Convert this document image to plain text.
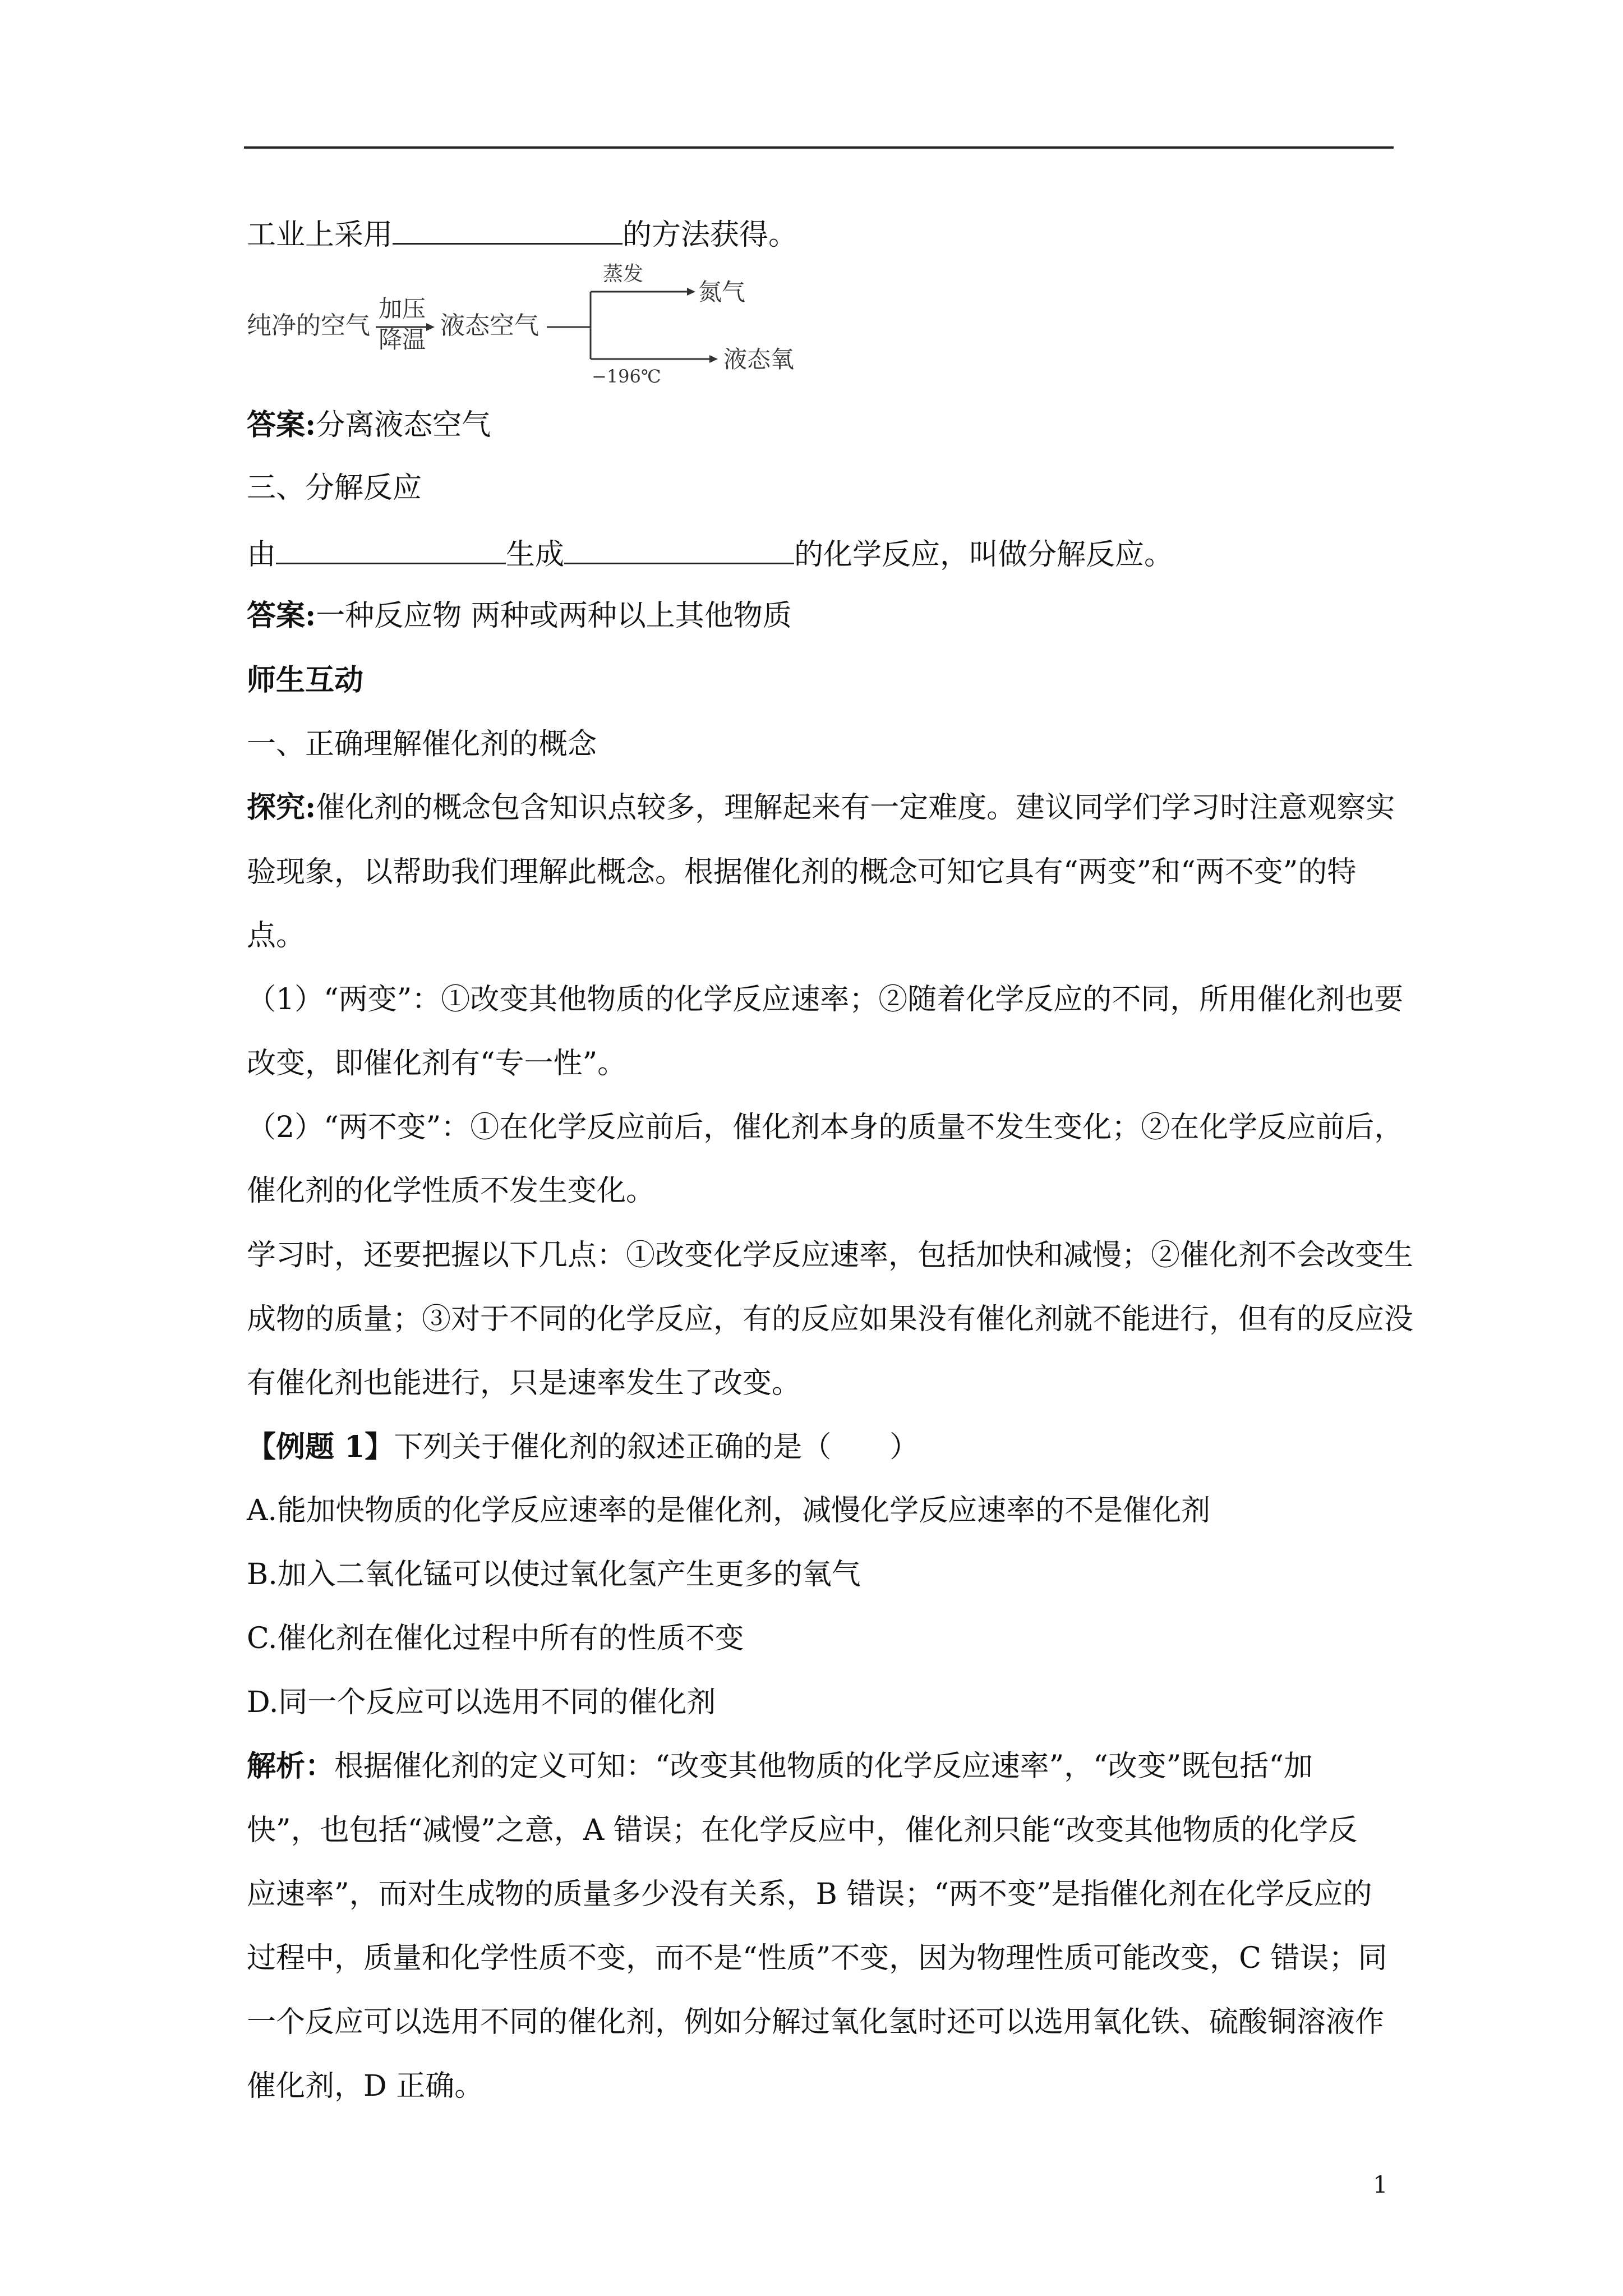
工业上采用	的方法获得。
纯净的空气
加压
降温 液态空气
蒸发
氮气
−196℃
液态氧
答案:分离液态空气
三、分解反应
由	生成	的化学反应，叫做分解反应。
答案:一种反应物 两种或两种以上其他物质
师生互动
一、正确理解催化剂的概念
探究:催化剂的概念包含知识点较多，理解起来有一定难度。建议同学们学习时注意观察实
验现象，以帮助我们理解此概念。根据催化剂的概念可知它具有“两变”和“两不变”的特
点。
（1）“两变”：①改变其他物质的化学反应速率；②随着化学反应的不同，所用催化剂也要
改变，即催化剂有“专一性”。
（2）“两不变”：①在化学反应前后，催化剂本身的质量不发生变化；②在化学反应前后，
催化剂的化学性质不发生变化。
学习时，还要把握以下几点：①改变化学反应速率，包括加快和减慢；②催化剂不会改变生
成物的质量；③对于不同的化学反应，有的反应如果没有催化剂就不能进行，但有的反应没
有催化剂也能进行，只是速率发生了改变。
【例题 1】下列关于催化剂的叙述正确的是（　　）
A.能加快物质的化学反应速率的是催化剂，减慢化学反应速率的不是催化剂
B.加入二氧化锰可以使过氧化氢产生更多的氧气
C.催化剂在催化过程中所有的性质不变
D.同一个反应可以选用不同的催化剂
解析：根据催化剂的定义可知：“改变其他物质的化学反应速率”，“改变”既包括“加
快”，也包括“减慢”之意，A 错误；在化学反应中，催化剂只能“改变其他物质的化学反
应速率”，而对生成物的质量多少没有关系，B 错误；“两不变”是指催化剂在化学反应的
过程中，质量和化学性质不变，而不是“性质”不变，因为物理性质可能改变，C 错误；同
一个反应可以选用不同的催化剂，例如分解过氧化氢时还可以选用氧化铁、硫酸铜溶液作
催化剂，D 正确。
1
